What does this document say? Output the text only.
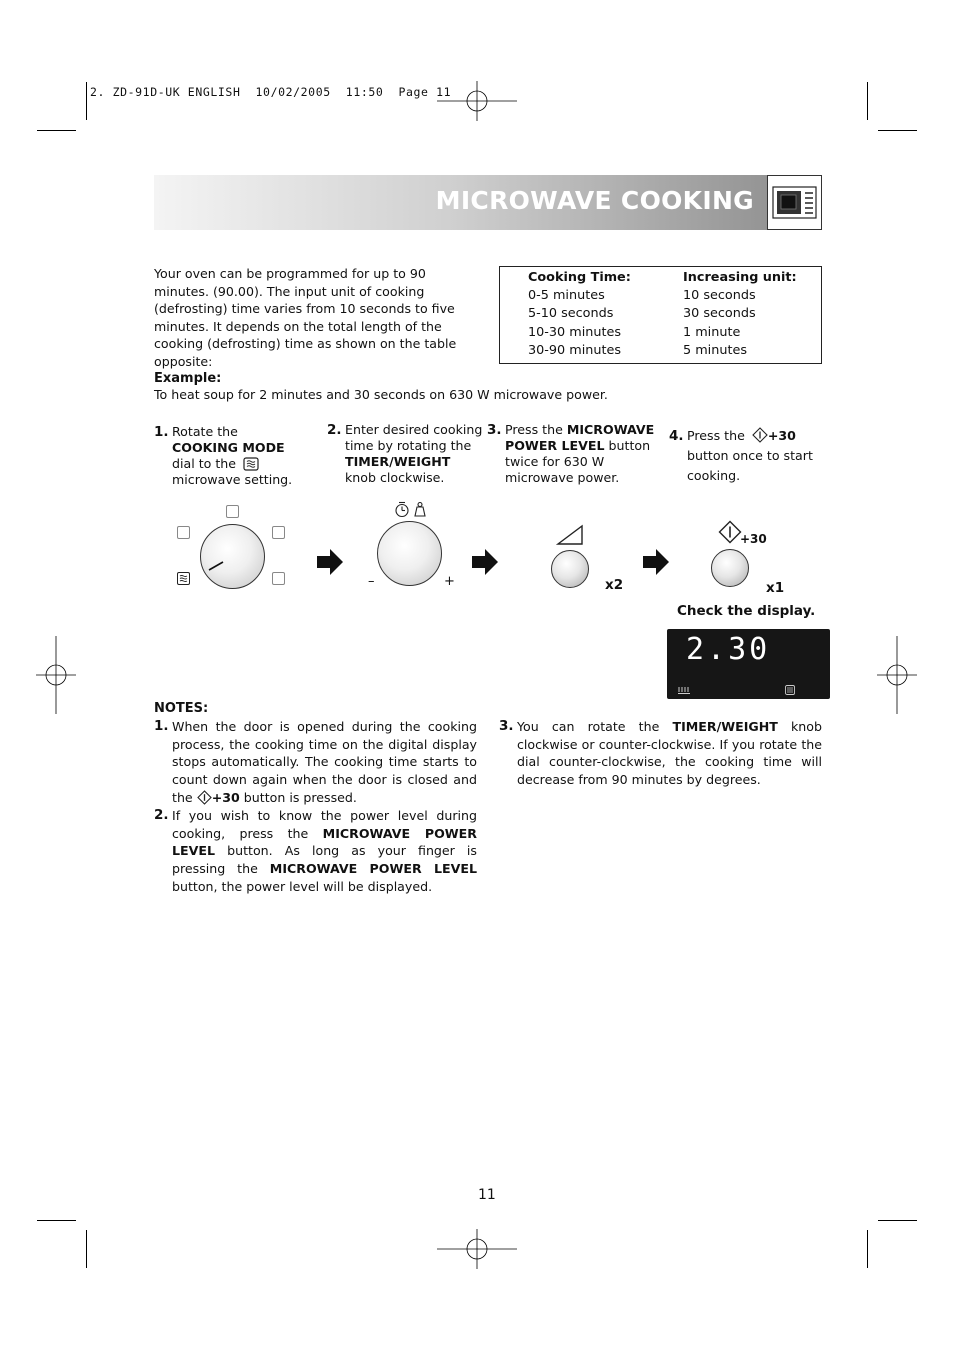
2. ZD-91D-UK ENGLISH  10/02/2005  11:50  Page 11
MICROWAVE COOKING
Your oven can be programmed for up to 90 minutes. (90.00). The input unit of cooking (defrosting) time varies from 10 seconds to five minutes. It depends on the total length of the cooking (defrosting) time as shown on the table opposite:
Cooking Time:
0-5 minutes
5-10 seconds
10-30 minutes
30-90 minutes
Increasing unit:
10 seconds
30 seconds
1 minute
5 minutes
Example:
To heat soup for 2 minutes and 30 seconds on 630 W microwave power.
1. Rotate the
COOKING MODE
dial to the
microwave setting.
2. Enter desired cooking
time by rotating the
TIMER/WEIGHT
knob clockwise.
3. Press the MICROWAVE
POWER LEVEL button
twice for 630 W
microwave power.
4. Press the +30
button once to start
cooking.
–	+	x2
+30
x1
Check the display.
2.30
NOTES:
1. When the door is opened during the cooking process, the cooking time on the digital display stops automatically. The cooking time starts to count down again when the door is closed and the +30 button is pressed.
2. If you wish to know the power level during cooking, press the MICROWAVE POWER LEVEL button. As long as your finger is pressing the MICROWAVE POWER LEVEL button, the power level will be displayed.
3. You can rotate the TIMER/WEIGHT knob clockwise or counter-clockwise. If you rotate the dial counter-clockwise, the cooking time will decrease from 90 minutes by degrees.
11
